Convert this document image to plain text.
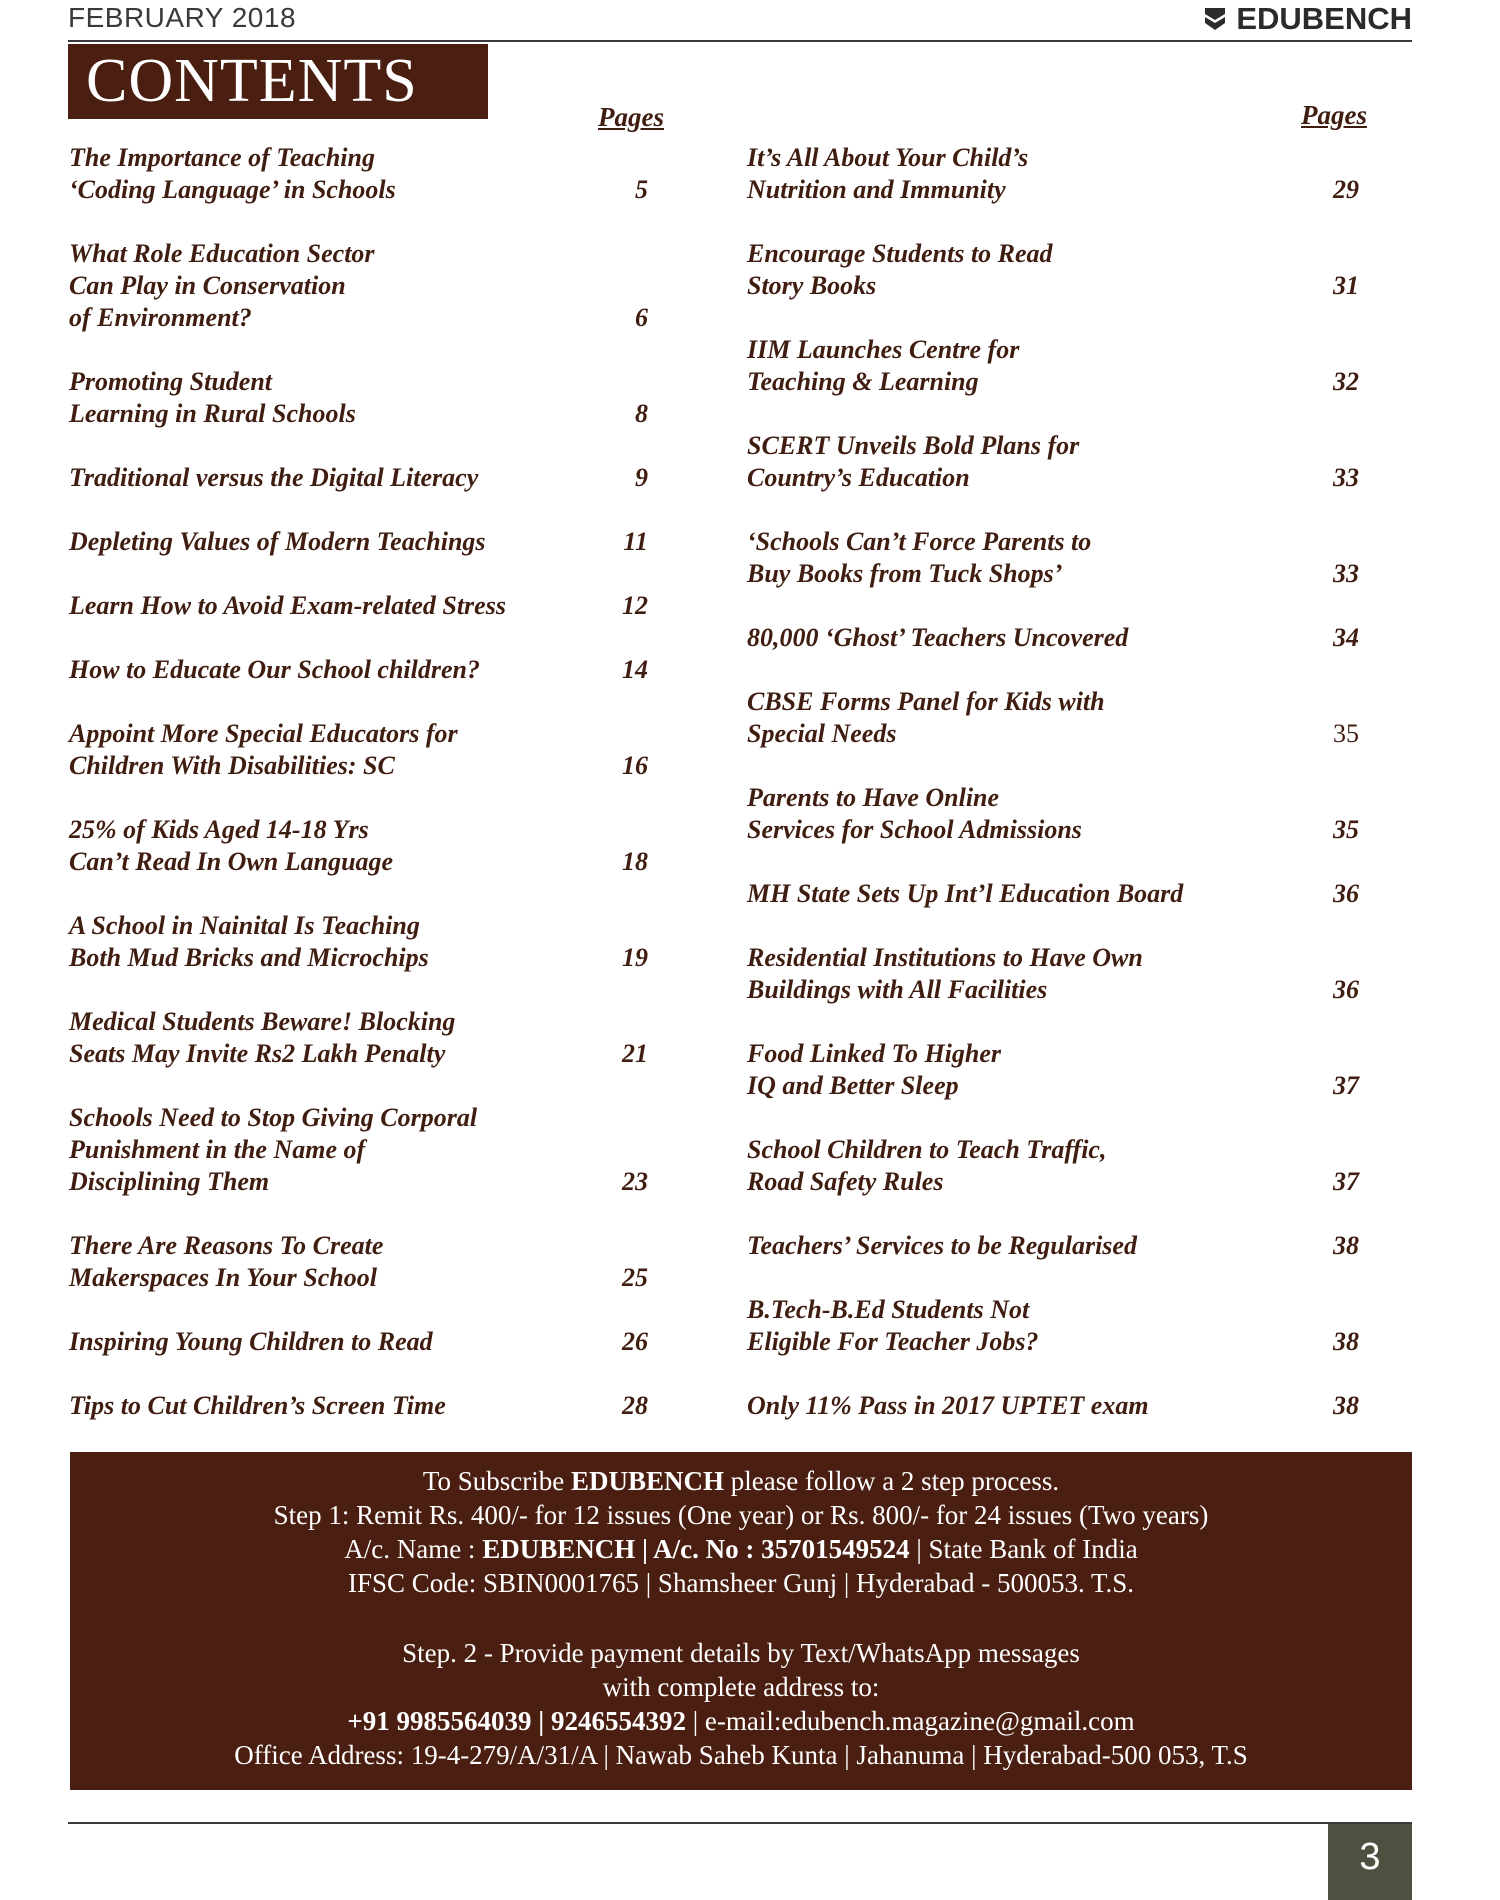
FEBRUARY 2018	EDUBENCH
CONTENTS
Pages	Pages
The Importance of Teaching
‘Coding Language’ in Schools	5
What Role Education Sector
Can Play in Conservation
of Environment?	6
Promoting Student
Learning in Rural Schools	8
Traditional versus the Digital Literacy	9
Depleting Values of Modern Teachings	11
Learn How to Avoid Exam-related Stress	12
How to Educate Our School children?	14
Appoint More Special Educators for
Children With Disabilities: SC	16
25% of Kids Aged 14-18 Yrs
Can’t Read In Own Language	18
A School in Nainital Is Teaching
Both Mud Bricks and Microchips	19
Medical Students Beware! Blocking
Seats May Invite Rs2 Lakh Penalty	21
Schools Need to Stop Giving Corporal
Punishment in the Name of
Disciplining Them	23
There Are Reasons To Create
Makerspaces In Your School	25
Inspiring Young Children to Read	26
Tips to Cut Children’s Screen Time	28
It’s All About Your Child’s
Nutrition and Immunity	29
Encourage Students to Read
Story Books	31
IIM Launches Centre for
Teaching & Learning	32
SCERT Unveils Bold Plans for
Country’s Education	33
‘Schools Can’t Force Parents to
Buy Books from Tuck Shops’	33
80,000 ‘Ghost’ Teachers Uncovered	34
CBSE Forms Panel for Kids with
Special Needs	35
Parents to Have Online
Services for School Admissions	35
MH State Sets Up Int’l Education Board	36
Residential Institutions to Have Own
Buildings with All Facilities	36
Food Linked To Higher
IQ and Better Sleep	37
School Children to Teach Traffic,
Road Safety Rules	37
Teachers’ Services to be Regularised	38
B.Tech-B.Ed Students Not
Eligible For Teacher Jobs?	38
Only 11% Pass in 2017 UPTET exam	38
To Subscribe EDUBENCH please follow a 2 step process.
Step 1: Remit Rs. 400/- for 12 issues (One year) or Rs. 800/- for 24 issues (Two years)
A/c. Name : EDUBENCH | A/c. No : 35701549524 | State Bank of India
IFSC Code: SBIN0001765 | Shamsheer Gunj | Hyderabad - 500053. T.S.
Step. 2 - Provide payment details by Text/WhatsApp messages
with complete address to:
+91 9985564039 | 9246554392 | e-mail:edubench.magazine@gmail.com
Office Address: 19-4-279/A/31/A | Nawab Saheb Kunta | Jahanuma | Hyderabad-500 053, T.S
3
